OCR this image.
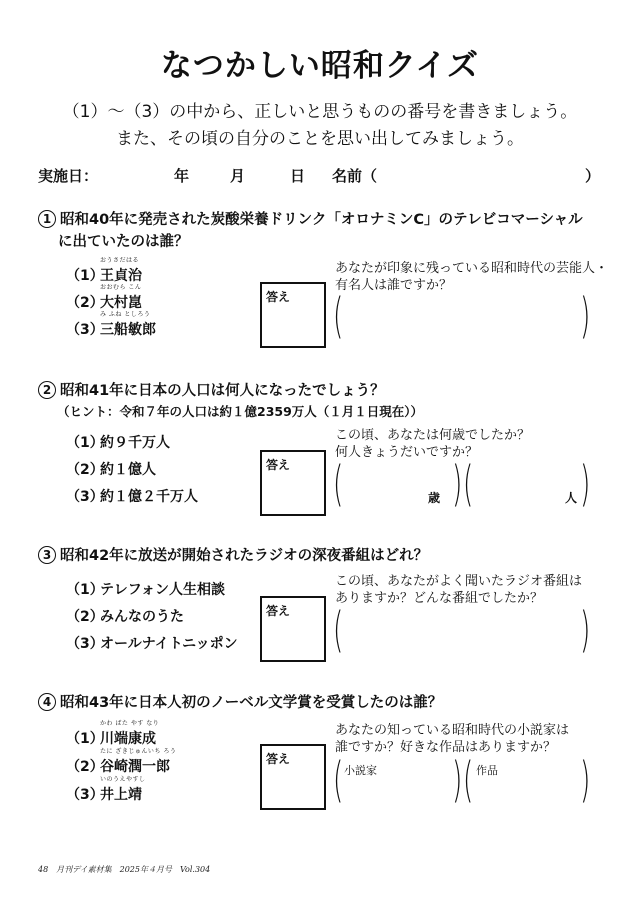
なつかしい昭和クイズ
（1）〜（3）の中から、正しいと思うものの番号を書きましょう。
また、その頃の自分のことを思い出してみましょう。
実施日：	年	月	日 名前（	）
1 昭和40年に発売された炭酸栄養ドリンク「オロナミンC」のテレビコマーシャル
に出ていたのは誰？
（1）
おうさだはる
王貞治
（2）
おおむら こん
大村崑
（3）
み ふね としろう
三船敏郎
答え
あなたが印象に残っている昭和時代の芸能人・
有名人は誰ですか？
(	)
2 昭和41年に日本の人口は何人になったでしょう？
（ヒント：令和７年の人口は約１億2359万人（１月１日現在））
（1）約９千万人
（2）約１億人
（3）約１億２千万人
答え
この頃、あなたは何歳でしたか？
何人きょうだいですか？
(	歳 ) (	人 )
3 昭和42年に放送が開始されたラジオの深夜番組はどれ？
（1）テレフォン人生相談
（2）みんなのうた
（3）オールナイトニッポン
答え
この頃、あなたがよく聞いたラジオ番組は
ありますか？どんな番組でしたか？
(	)
4 昭和43年に日本人初のノーベル文学賞を受賞したのは誰？
（1）
かわ ばた やす なり
川端康成
（2）
たに ざきじゅんいち ろう
谷崎潤一郎
（3）
いのうえやすし
井上靖
答え
あなたの知っている昭和時代の小説家は
誰ですか？好きな作品はありますか？
( 小説家 ) ( 作品 )
48　月刊デイ素材集　2025年４月号　Vol.304
